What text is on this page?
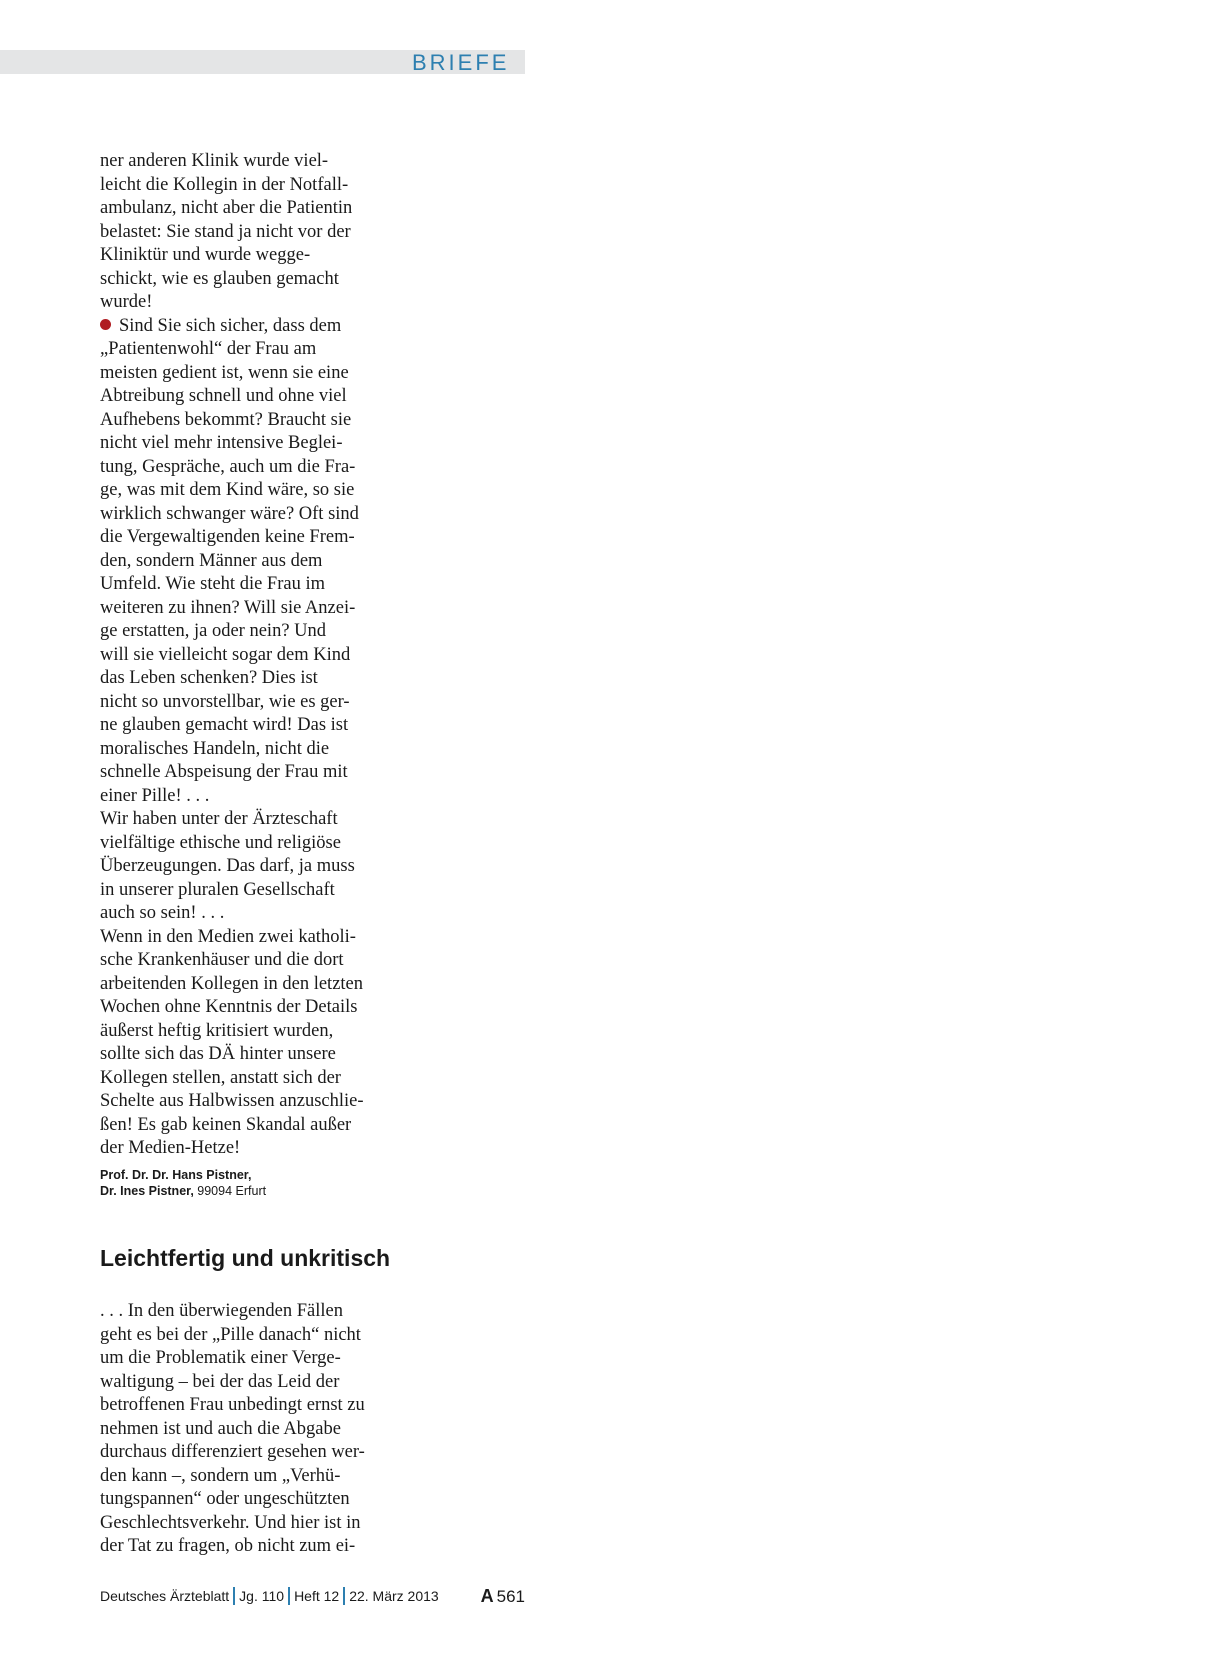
BRIEFE
ner anderen Klinik wurde viel-
leicht die Kollegin in der Notfall-
ambulanz, nicht aber die Patientin
belastet: Sie stand ja nicht vor der
Kliniktür und wurde wegge-
schickt, wie es glauben gemacht
wurde!
Sind Sie sich sicher, dass dem
„Patientenwohl“ der Frau am
meisten gedient ist, wenn sie eine
Abtreibung schnell und ohne viel
Aufhebens bekommt? Braucht sie
nicht viel mehr intensive Beglei-
tung, Gespräche, auch um die Fra-
ge, was mit dem Kind wäre, so sie
wirklich schwanger wäre? Oft sind
die Vergewaltigenden keine Frem-
den, sondern Männer aus dem
Umfeld. Wie steht die Frau im
weiteren zu ihnen? Will sie Anzei-
ge erstatten, ja oder nein? Und
will sie vielleicht sogar dem Kind
das Leben schenken? Dies ist
nicht so unvorstellbar, wie es ger-
ne glauben gemacht wird! Das ist
moralisches Handeln, nicht die
schnelle Abspeisung der Frau mit
einer Pille! . . .
Wir haben unter der Ärzteschaft
vielfältige ethische und religiöse
Überzeugungen. Das darf, ja muss
in unserer pluralen Gesellschaft
auch so sein! . . .
Wenn in den Medien zwei katholi-
sche Krankenhäuser und die dort
arbeitenden Kollegen in den letzten
Wochen ohne Kenntnis der Details
äußerst heftig kritisiert wurden,
sollte sich das DÄ hinter unsere
Kollegen stellen, anstatt sich der
Schelte aus Halbwissen anzuschlie-
ßen! Es gab keinen Skandal außer
der Medien-Hetze!
Prof. Dr. Dr. Hans Pistner,
Dr. Ines Pistner, 99094 Erfurt
Leichtfertig und unkritisch
. . . In den überwiegenden Fällen
geht es bei der „Pille danach“ nicht
um die Problematik einer Verge-
waltigung – bei der das Leid der
betroffenen Frau unbedingt ernst zu
nehmen ist und auch die Abgabe
durchaus differenziert gesehen wer-
den kann –, sondern um „Verhü-
tungspannen“ oder ungeschützten
Geschlechtsverkehr. Und hier ist in
der Tat zu fragen, ob nicht zum ei-
Deutsches Ärzteblatt Jg. 110 Heft 12 22. März 2013 A 561
